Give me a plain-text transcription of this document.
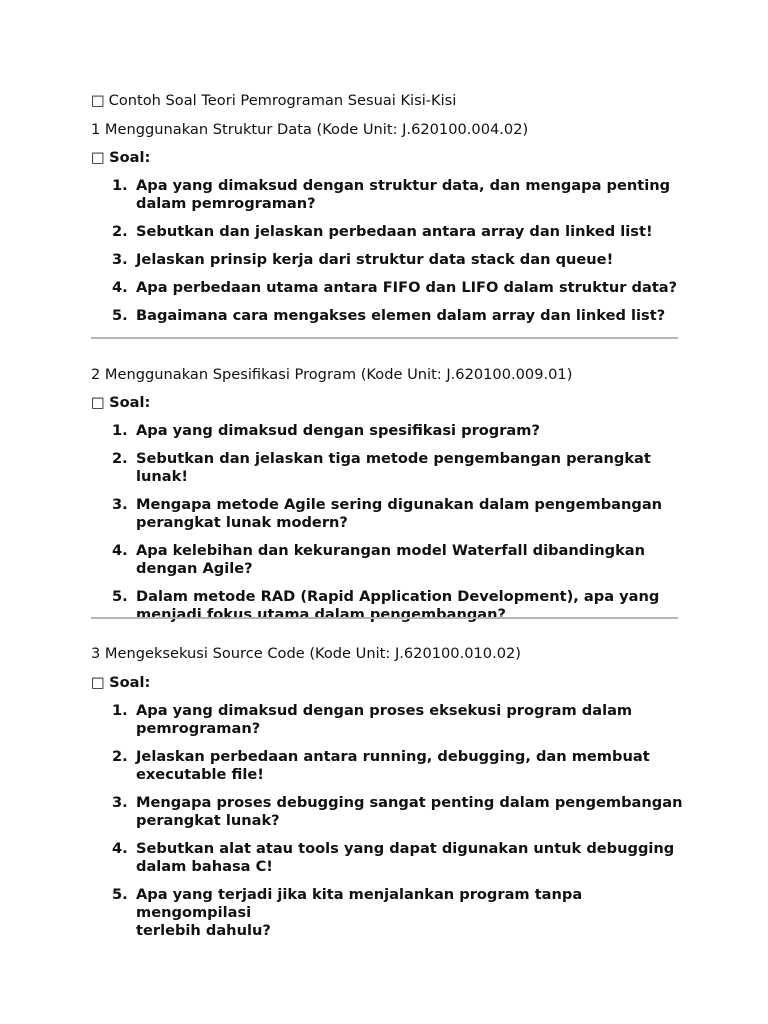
□ Contoh Soal Teori Pemrograman Sesuai Kisi-Kisi

1 Menggunakan Struktur Data (Kode Unit: J.620100.004.02)

□ Soal:

1. Apa yang dimaksud dengan struktur data, dan mengapa penting
dalam pemrograman?
2. Sebutkan dan jelaskan perbedaan antara array dan linked list!
3. Jelaskan prinsip kerja dari struktur data stack dan queue!
4. Apa perbedaan utama antara FIFO dan LIFO dalam struktur data?
5. Bagaimana cara mengakses elemen dalam array dan linked list?

2 Menggunakan Spesifikasi Program (Kode Unit: J.620100.009.01)

□ Soal:

1. Apa yang dimaksud dengan spesifikasi program?
2. Sebutkan dan jelaskan tiga metode pengembangan perangkat lunak!
3. Mengapa metode Agile sering digunakan dalam pengembangan
perangkat lunak modern?
4. Apa kelebihan dan kekurangan model Waterfall dibandingkan
dengan Agile?
5. Dalam metode RAD (Rapid Application Development), apa yang
menjadi fokus utama dalam pengembangan?

3 Mengeksekusi Source Code (Kode Unit: J.620100.010.02)

□ Soal:

1. Apa yang dimaksud dengan proses eksekusi program dalam
pemrograman?
2. Jelaskan perbedaan antara running, debugging, dan membuat
executable file!
3. Mengapa proses debugging sangat penting dalam pengembangan
perangkat lunak?
4. Sebutkan alat atau tools yang dapat digunakan untuk debugging
dalam bahasa C!
5. Apa yang terjadi jika kita menjalankan program tanpa mengompilasi
terlebih dahulu?
